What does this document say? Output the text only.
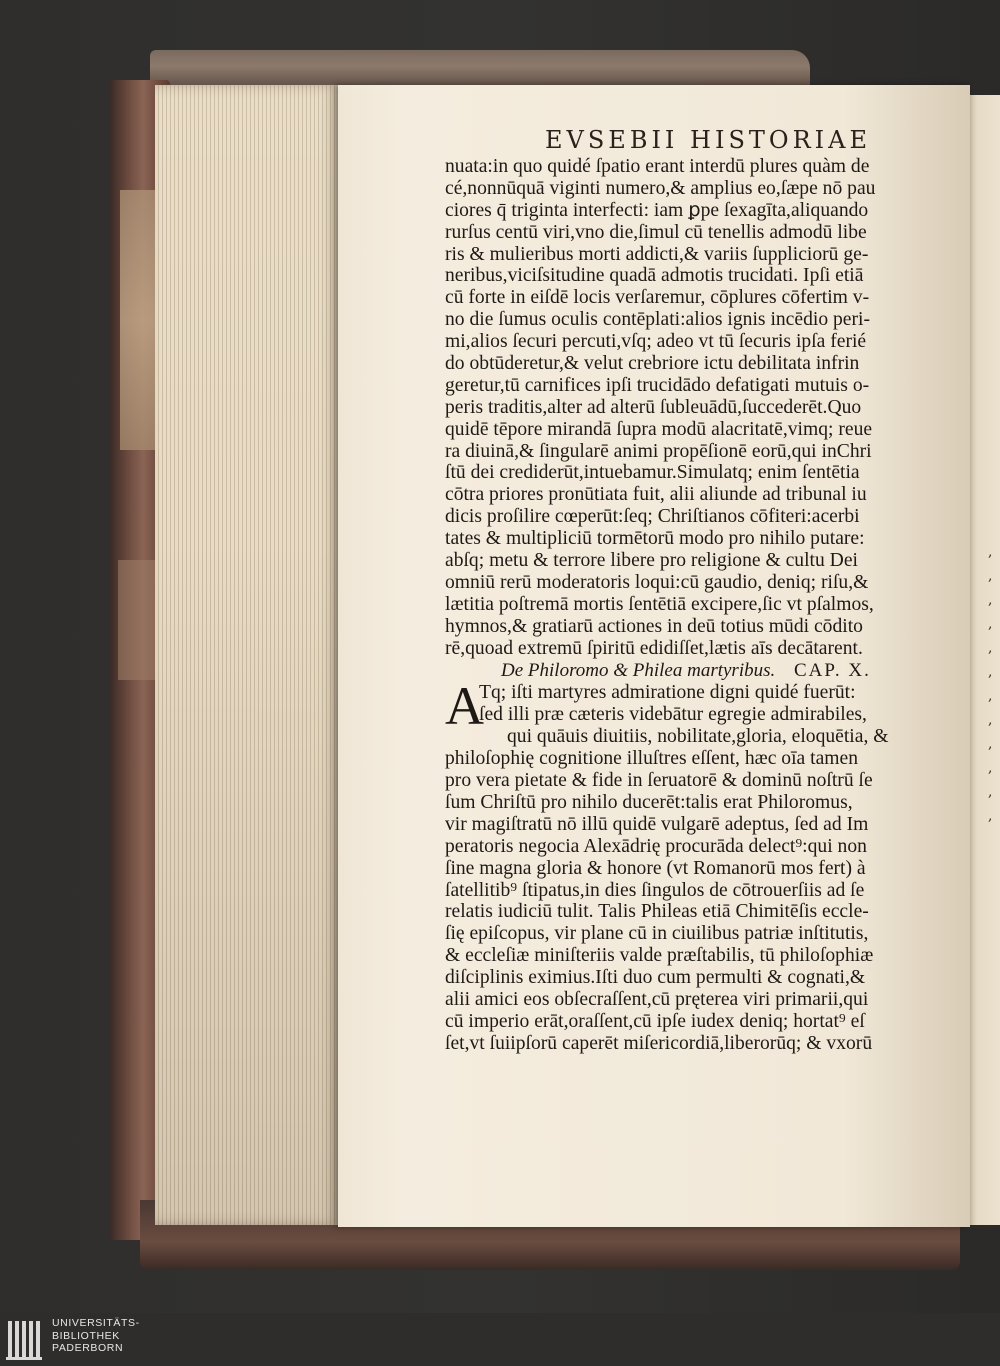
,
,
,
,
,
,
,
,
,
,
,
,
EVSEBII HISTORIAE
nuata:in quo quidé ſpatio erant interdū plures quàm de
cé,nonnūquā viginti numero,& amplius eo,ſæpe nō pau
ciores q̄ triginta interfecti: iam ꝑpe ſexagīta,aliquando
rurſus centū viri,vno die,ſimul cū tenellis admodū libe
ris & mulieribus morti addicti,& variis ſuppliciorū ge-
neribus,viciſsitudine quadā admotis trucidati. Ipſi etiā
cū forte in eiſdē locis verſaremur, cōplures cōfertim v-
no die ſumus oculis contēplati:alios ignis incēdio peri-
mi,alios ſecuri percuti,vſq; adeo vt tū ſecuris ipſa ferié
do obtūderetur,& velut crebriore ictu debilitata infrin
geretur,tū carnifices ipſi trucidādo defatigati mutuis o-
peris traditis,alter ad alterū ſubleuādū,ſuccederēt.Quo
quidē tēpore mirandā ſupra modū alacritatē,vimq; reue
ra diuinā,& ſingularē animi propēſionē eorū,qui inChri
ſtū dei crediderūt,intuebamur.Simulatq; enim ſentētia
cōtra priores pronūtiata fuit, alii aliunde ad tribunal iu
dicis proſilire cœperūt:ſeq; Chriſtianos cōfiteri:acerbi
tates & multipliciū tormētorū modo pro nihilo putare:
abſq; metu & terrore libere pro religione & cultu Dei
omniū rerū moderatoris loqui:cū gaudio, deniq; riſu,&
lætitia poſtremā mortis ſentētiā excipere,ſic vt pſalmos,
hymnos,& gratiarū actiones in deū totius mūdi cōdito
rē,quoad extremū ſpiritū edidiſſet,lætis aīs decātarent.
De Philoromo & Philea martyribus. CAP. X.
A
Tq; iſti martyres admiratione digni quidé fuerūt:
ſed illi præ cæteris videbātur egregie admirabiles,
qui quāuis diuitiis, nobilitate,gloria, eloquētia, &
philoſophię cognitione illuſtres eſſent, hæc oīa tamen
pro vera pietate & fide in ſeruatorē & dominū noſtrū ſe
ſum Chriſtū pro nihilo ducerēt:talis erat Philoromus,
vir magiſtratū nō illū quidē vulgarē adeptus, ſed ad Im
peratoris negocia Alexādrię procurāda delect⁹:qui non
ſine magna gloria & honore (vt Romanorū mos fert) à
ſatellitib⁹ ſtipatus,in dies ſingulos de cōtrouerſiis ad ſe
relatis iudiciū tulit. Talis Phileas etiā Chimitēſis eccle-
ſię epiſcopus, vir plane cū in ciuilibus patriæ inſtitutis,
& eccleſiæ miniſteriis valde præſtabilis, tū philoſophiæ
diſciplinis eximius.Iſti duo cum permulti & cognati,&
alii amici eos obſecraſſent,cū pręterea viri primarii,qui
cū imperio erāt,oraſſent,cū ipſe iudex deniq; hortat⁹ eſ
ſet,vt ſuiipſorū caperēt miſericordiā,liberorūq; & vxorū
UNIVERSITÄTS-
BIBLIOTHEK
PADERBORN
